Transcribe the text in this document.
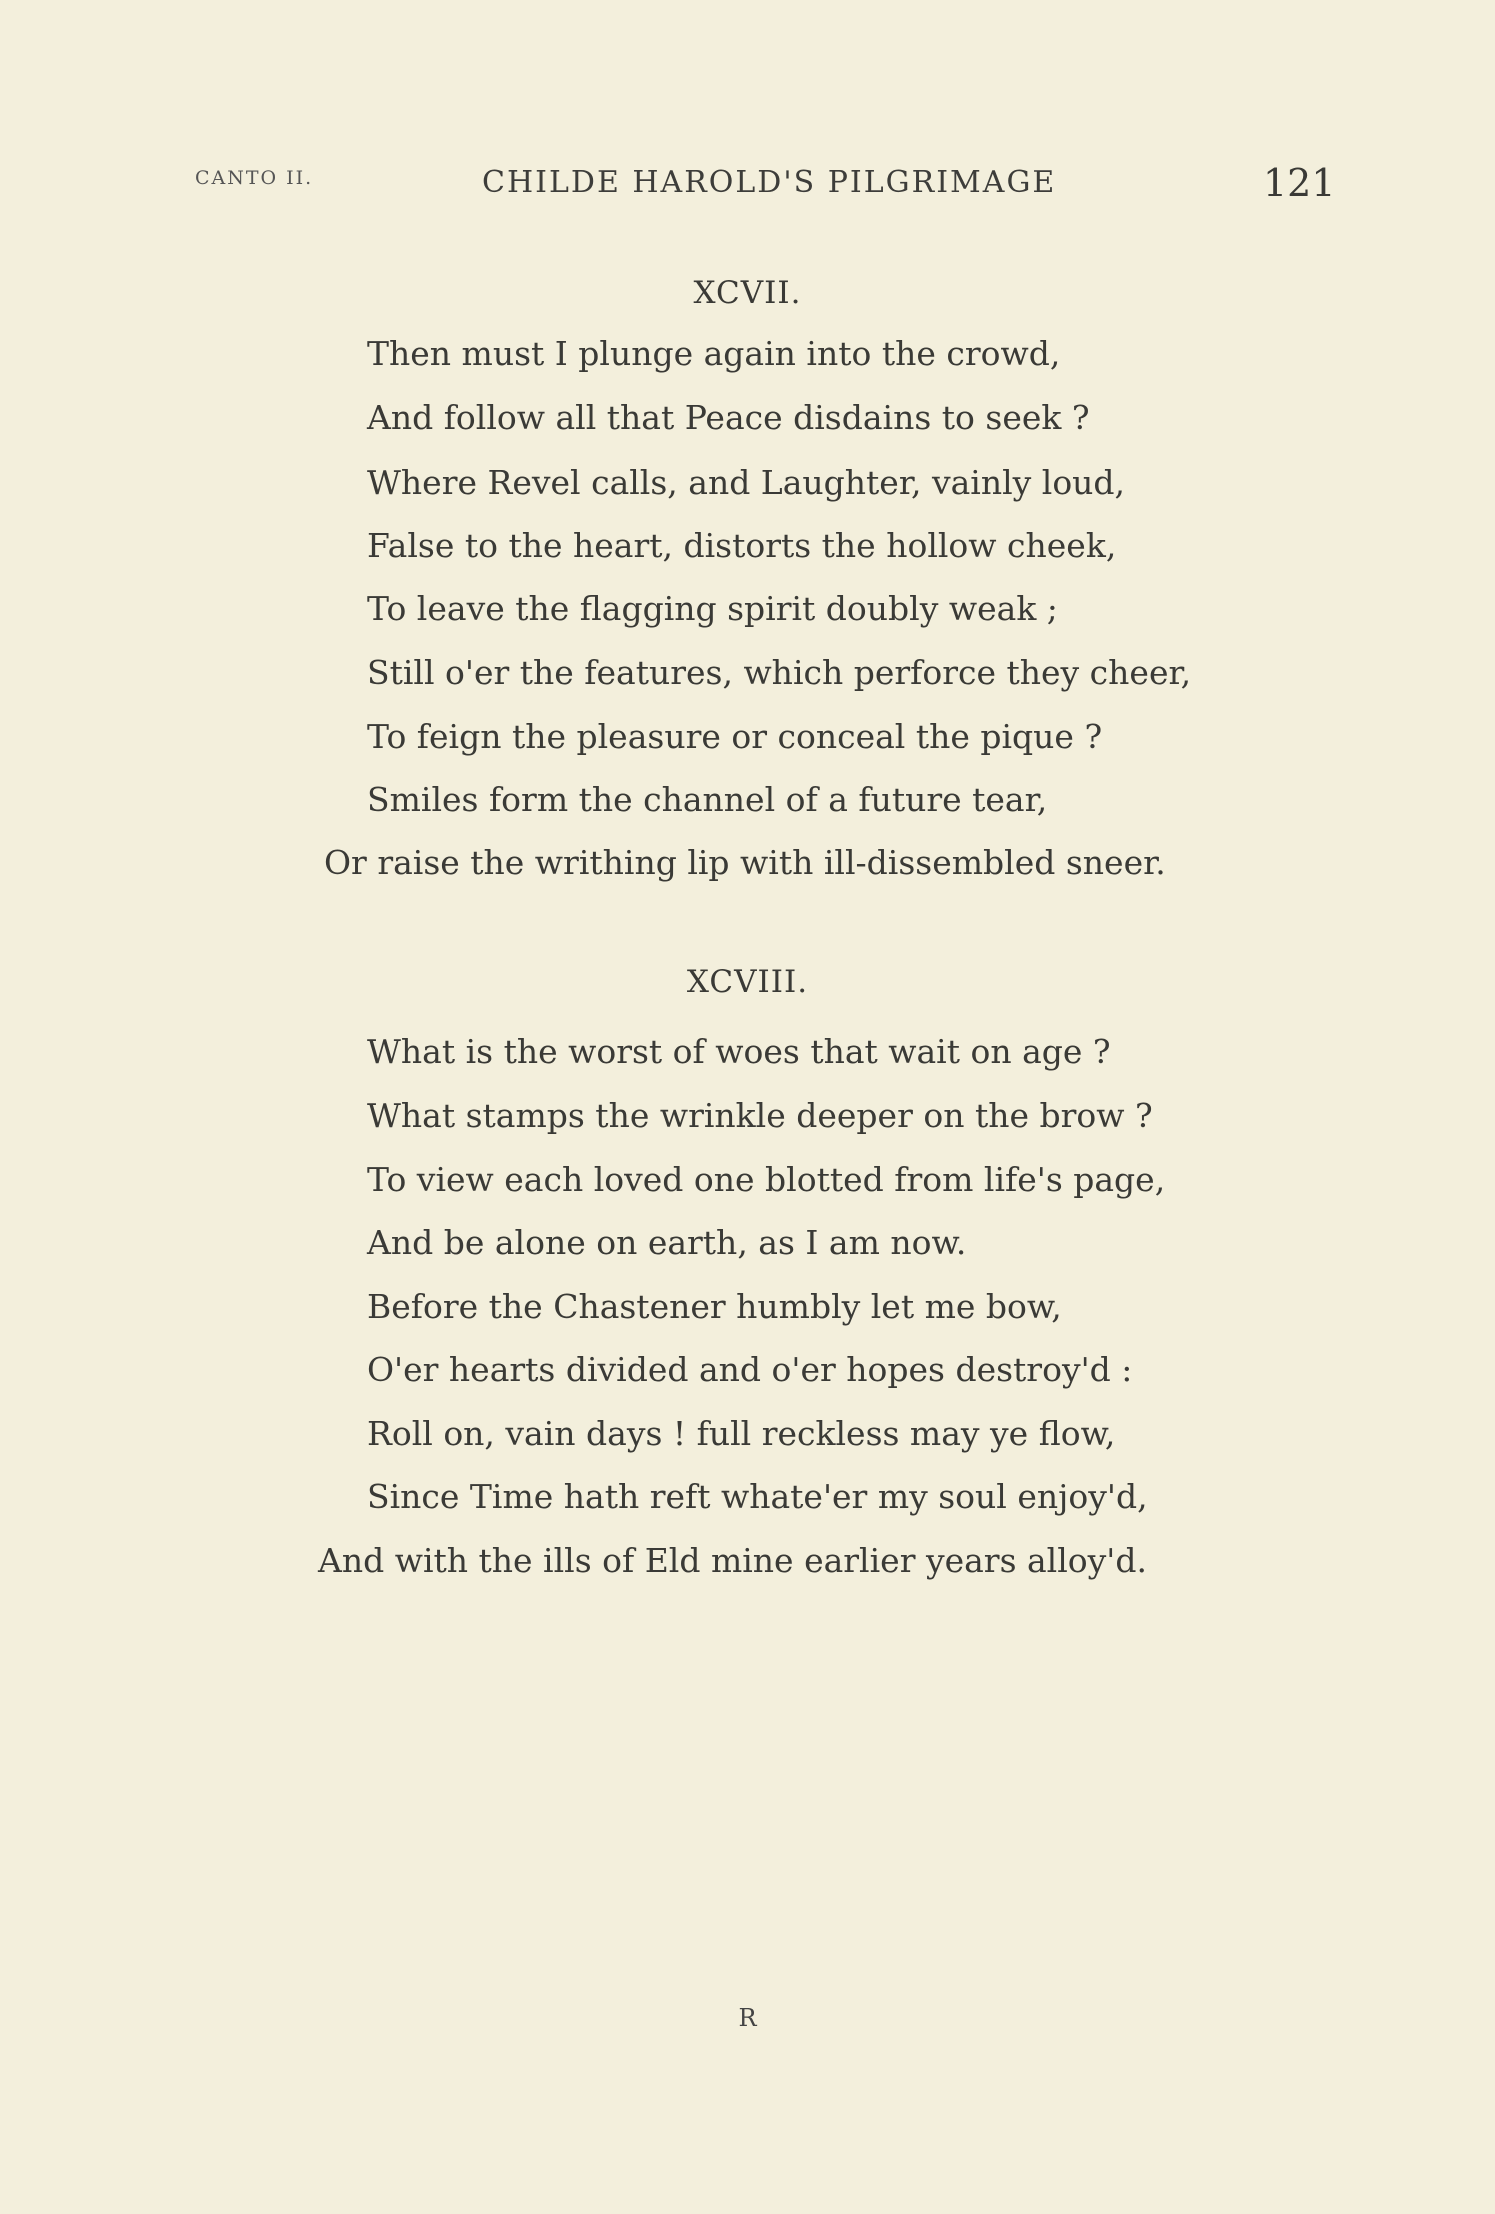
CANTO II.	CHILDE HAROLD'S PILGRIMAGE	121
XCVII.
Then must I plunge again into the crowd,
And follow all that Peace disdains to seek ?
Where Revel calls, and Laughter, vainly loud,
False to the heart, distorts the hollow cheek,
To leave the flagging spirit doubly weak ;
Still o'er the features, which perforce they cheer,
To feign the pleasure or conceal the pique ?
Smiles form the channel of a future tear,
Or raise the writhing lip with ill-dissembled sneer.
XCVIII.
What is the worst of woes that wait on age ?
What stamps the wrinkle deeper on the brow ?
To view each loved one blotted from life's page,
And be alone on earth, as I am now.
Before the Chastener humbly let me bow,
O'er hearts divided and o'er hopes destroy'd :
Roll on, vain days ! full reckless may ye flow,
Since Time hath reft whate'er my soul enjoy'd,
And with the ills of Eld mine earlier years alloy'd.
R
